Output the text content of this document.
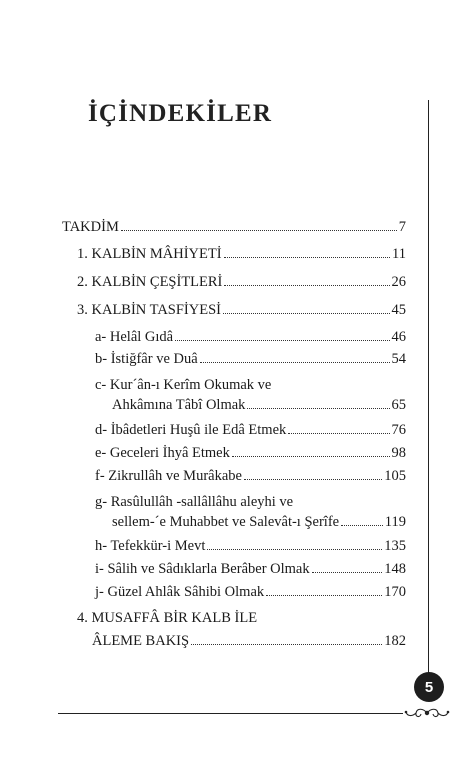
İÇİNDEKİLER
TAKDİM	7
1. KALBİN MÂHİYETİ	11
2. KALBİN ÇEŞİTLERİ	26
3. KALBİN TASFİYESİ	45
a- Helâl Gıdâ	46
b- İstiğfâr ve Duâ	54
c- Kur´ân-ı Kerîm Okumak ve
Ahkâmına Tâbî Olmak	65
d- İbâdetleri Huşû ile Edâ Etmek	76
e- Geceleri İhyâ Etmek	98
f- Zikrullâh ve Murâkabe	105
g- Rasûlullâh -sallâllâhu aleyhi ve
sellem-´e Muhabbet ve Salevât-ı Şerîfe	119
h- Tefekkür-i Mevt	135
i- Sâlih ve Sâdıklarla Berâber Olmak	148
j- Güzel Ahlâk Sâhibi Olmak	170
4. MUSAFFÂ BİR KALB İLE
ÂLEME BAKIŞ	182
5
